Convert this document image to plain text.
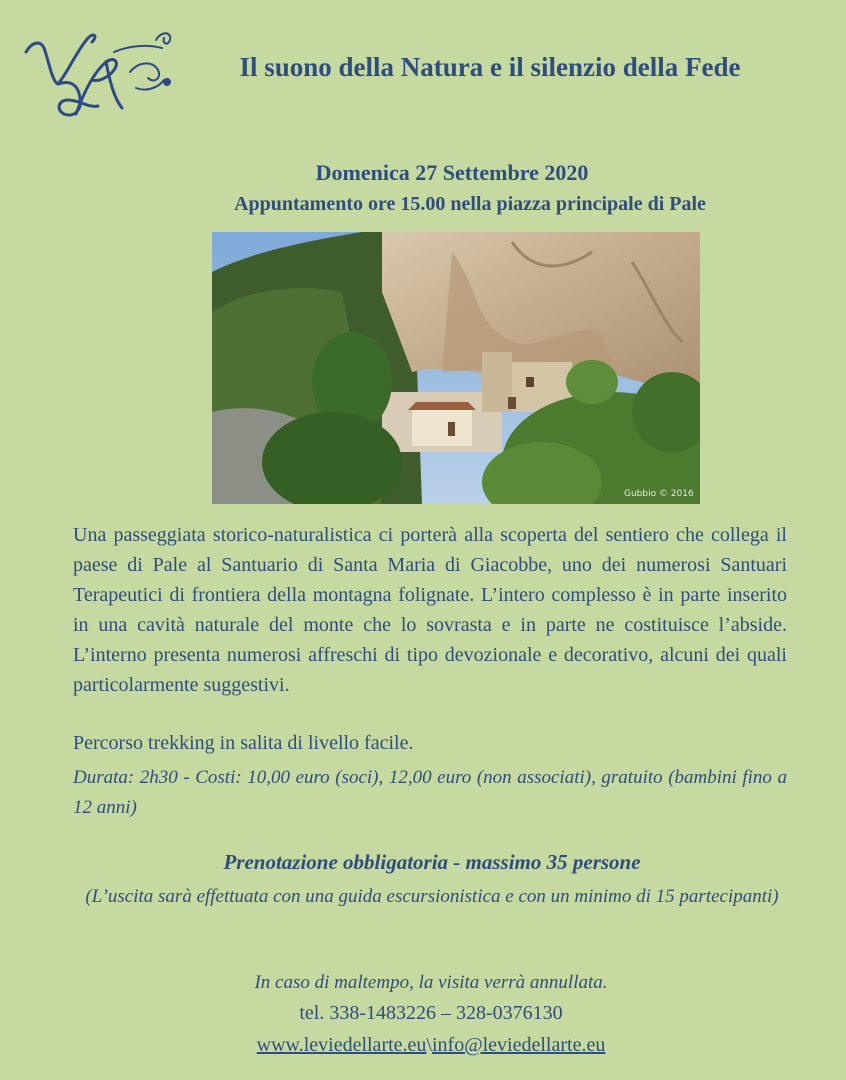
Il suono della Natura e il silenzio della Fede
Domenica 27 Settembre 2020
Appuntamento ore 15.00 nella piazza principale di Pale
Gubbio © 2016

Una passeggiata storico-naturalistica ci porterà alla scoperta del sentiero che collega il paese di Pale al Santuario di Santa Maria di Giacobbe, uno dei numerosi Santuari Terapeutici di frontiera della montagna folignate. L’intero complesso è in parte inserito in una cavità naturale del monte che lo sovrasta e in parte ne costituisce l’abside. L’interno presenta numerosi affreschi di tipo devozionale e decorativo, alcuni dei quali particolarmente suggestivi.

Percorso trekking in salita di livello facile.
Durata: 2h30 - Costi: 10,00 euro (soci), 12,00 euro (non associati), gratuito (bambini fino a 12 anni)
Prenotazione obbligatoria - massimo 35 persone
(L’uscita sarà effettuata con una guida escursionistica e con un minimo di 15 partecipanti)
In caso di maltempo, la visita verrà annullata.
tel. 338-1483226 – 328-0376130
www.leviedellarte.eu\info@leviedellarte.eu
